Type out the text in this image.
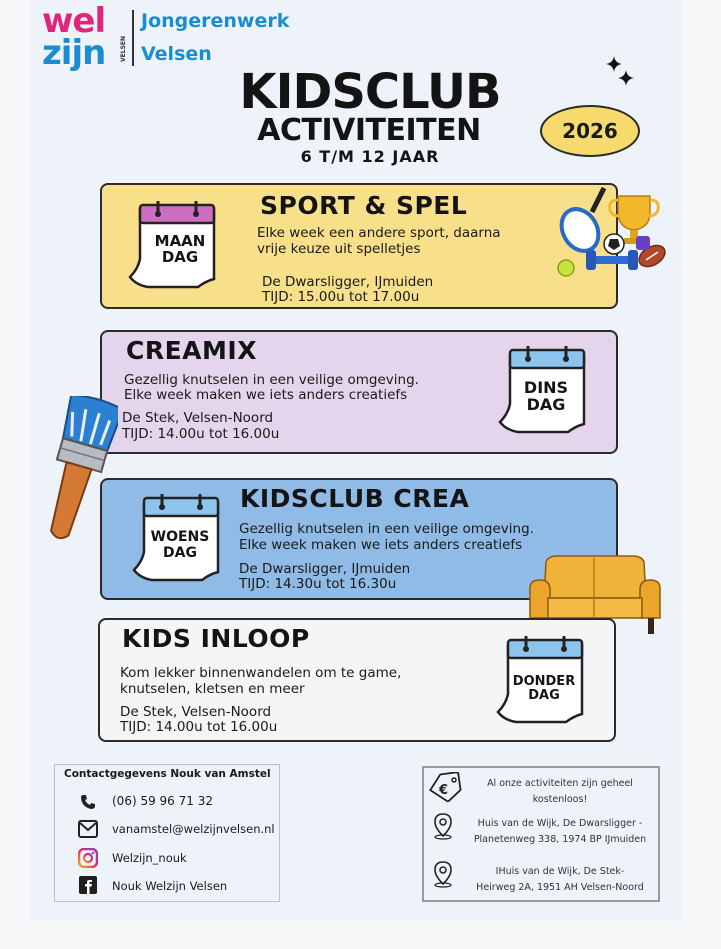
wel
zijn VELSEN
Jongerenwerk
Velsen
KIDSCLUB
ACTIVITEITEN
6 T/M 12 JAAR
2026
MAAN
DAG
SPORT & SPEL
Elke week een andere sport, daarna
vrije keuze uit spelletjes
De Dwarsligger, IJmuiden
TIJD: 15.00u tot 17.00u
DINS
DAG
CREAMIX
Gezellig knutselen in een veilige omgeving.
Elke week maken we iets anders creatiefs
De Stek, Velsen-Noord
TIJD: 14.00u tot 16.00u
WOENS
DAG
KIDSCLUB CREA
Gezellig knutselen in een veilige omgeving.
Elke week maken we iets anders creatiefs
De Dwarsligger, IJmuiden
TIJD: 14.30u tot 16.30u
DONDER
DAG
KIDS INLOOP
Kom lekker binnenwandelen om te game,
knutselen, kletsen en meer
De Stek, Velsen-Noord
TIJD: 14.00u tot 16.00u
Contactgegevens Nouk van Amstel
(06) 59 96 71 32
vanamstel@welzijnvelsen.nl
Welzijn_nouk
Nouk Welzijn Velsen
€	Al onze activiteiten zijn geheel
kostenloos!
Huis van de Wijk, De Dwarsligger -
Planetenweg 338, 1974 BP IJmuiden
IHuis van de Wijk, De Stek-
Heirweg 2A, 1951 AH Velsen-Noord
